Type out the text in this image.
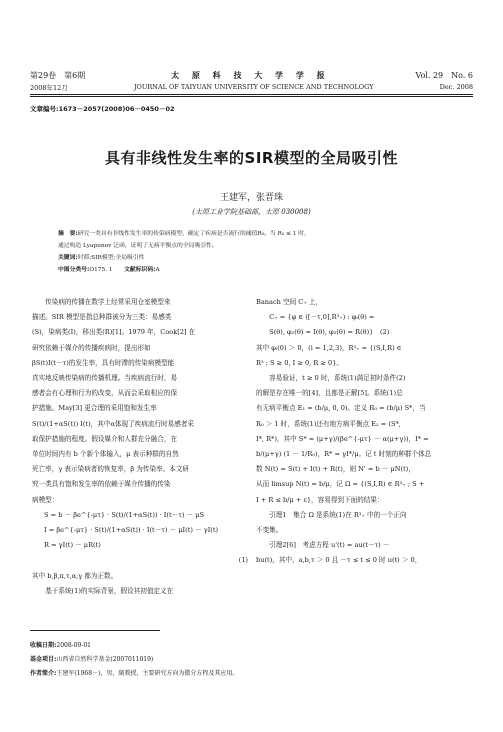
第29卷　第6期	太 原 科 技 大 学 学 报	Vol. 29　No. 6
2008年12月	JOURNAL OF TAIYUAN UNIVERSITY OF SCIENCE AND TECHNOLOGY	Dec. 2008
文章编号:1673－2057(2008)06－0450－02
具有非线性发生率的SIR模型的全局吸引性
王建军，张晋珠
(太原工业学院基础部，太原 030008)
摘　要:研究一类具有非线性发生率的传染病模型，确定了疾病是否流行的阈值R₀。当 R₀ ≤ 1 时，
通过构造 Lyapunov 泛函，证明了无病平衡点的全局吸引性。
关键词:时滞;SIR模型;全局吸引性
中图分类号:O175. 1　　 文献标识码:A
　　传染病的传播在数学上经常采用仓室模型来
描述。SIR 模型是指总种群被分为三类：易感类
(S)，染病类(I)，移出类(R)[1]。1979 年，Cook[2] 在
研究依赖于媒介的传播疾病时，提出形如
βS(t)I(t－τ)的发生率，具有时滞的传染病模型能
真实地反映传染病的传播机理。当疾病流行时，易
感者会有心理和行为的改变，从而会采取相应的保
护措施。May[3] 更合理的采用饱和发生率
S(t)/(1+αS(t)) I(t)，其中α体现了疾病流行时易感者采
取保护措施的程度。假设媒介和人群充分融合，在
单位时间内有 b 个新个体输入，μ 表示种群的自然
死亡率，γ 表示染病者的恢复率，β 为传染率。本文研
究一类具有饱和发生率的依赖于媒介传播的传染
病模型：
S = b － βe^{-μτ} · S(t)/(1+αS(t)) · I(t－τ) － μS
I = βe^{-μτ} · S(t)/(1+αS(t)) · I(t－τ) － μI(t) － γI(t)
R = γI(t) － μR(t)
(1)

其中 b,β,π,τ,α,γ 都为正数。
　　基于系统(1)的实际背景，假设其初值定义在
Banach 空间 C₊ 上，
　　C₊ = {φ ∈ ([－τ,0],R³₊) : φᵢ(θ) =
　　S(θ), φ₂(θ) = I(θ), φ₃(θ) = R(θ)}　(2)
其中 φᵢ(0) ＞ 0，(i = 1,2,3)，R³₊ = {(S,I,R) ∈
R³ ; S ≥ 0, I ≥ 0, R ≥ 0}。
　　容易验证，t ≥ 0 时，系统(1)满足初时条件(2)
的解是存在唯一的[4]，且都是正解[5]。系统(1)总
有无病平衡点 E₁ = (b/μ, 0, 0)。定义 R₀ = (b/μ) S*，当
R₀ ＞ 1 时，系统(1)还有地方病平衡点 E₂ = (S*,
I*, R*)，其中 S* = (μ+γ)/(βe^{-μτ} － α(μ+γ))，I* =
b/(μ+γ) (1 － 1/R₀)，R* = γI*/μ。记 t 时刻的种群个体总
数 N(t) = S(t) + I(t) + R(t)，则 N' = b － μN(t)，
从而 limsup N(t) = b/μ，记 Ω = {(S,I,R) ∈ R³₊ ; S +
I + R ≤ b/μ + ε}，容易得到下面的结果：
　　引理1　集合 Ω 是系统(1)在 R³₊ 中的一个正向
不变集。
　　引理2[6]　考虑方程 u'(t) = au(t－τ) －
bu(t)，其中，a,b,τ ＞ 0 且 －τ ≤ t ≤ 0 时 u(t) ＞ 0，
收稿日期:2008-09-01
基金项目:山西省自然科学基金(2007011019)
作者简介:王建军(1968－)，男，副教授，主要研究方向为微分方程及其应用。
